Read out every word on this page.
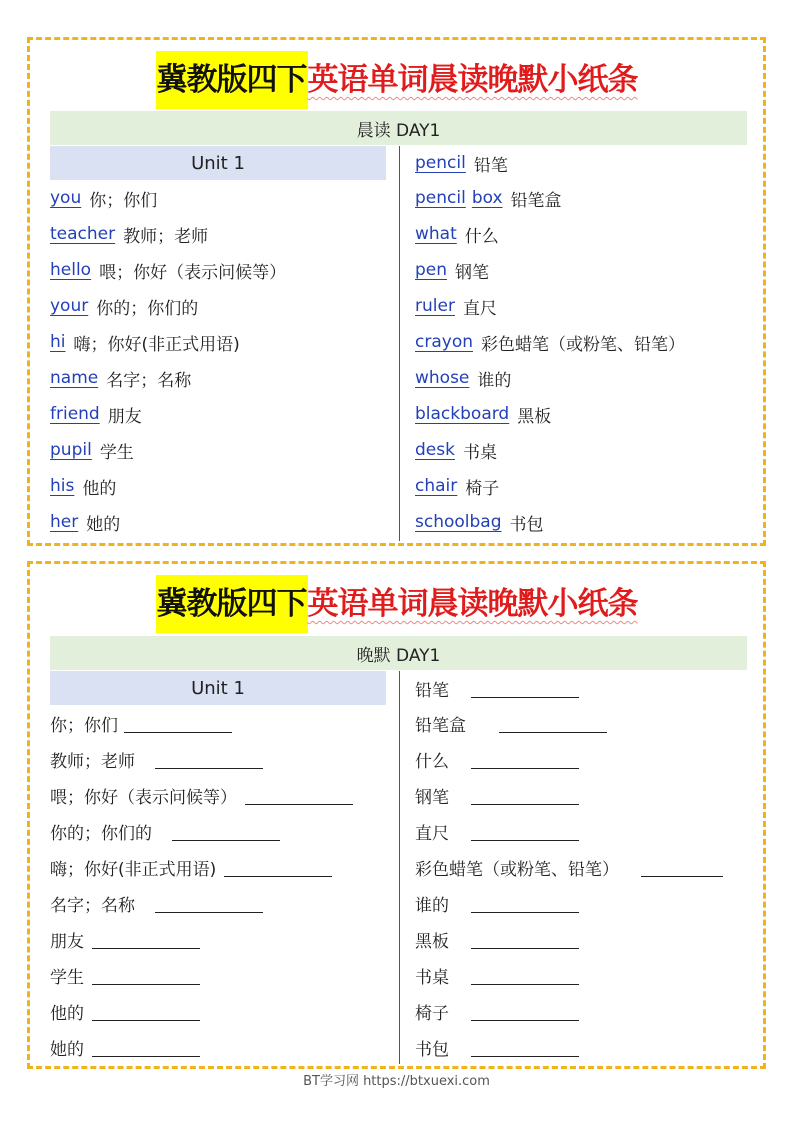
冀教版四下 英语单词晨读晚默小纸条
晨读 DAY1
Unit 1
you 你；你们
teacher 教师；老师
hello 喂；你好（表示问候等）
your 你的；你们的
hi 嗨；你好(非正式用语)
name 名字；名称
friend 朋友
pupil 学生
his 他的
her 她的
pencil 铅笔
pencil box 铅笔盒
what 什么
pen 钢笔
ruler 直尺
crayon 彩色蜡笔（或粉笔、铅笔）
whose 谁的
blackboard 黑板
desk 书桌
chair 椅子
schoolbag 书包
冀教版四下 英语单词晨读晚默小纸条
晚默 DAY1
Unit 1
你；你们
教师；老师
喂；你好（表示问候等）
你的；你们的
嗨；你好(非正式用语)
名字；名称
朋友
学生
他的
她的
铅笔
铅笔盒
什么
钢笔
直尺
彩色蜡笔（或粉笔、铅笔）
谁的
黑板
书桌
椅子
书包
BT学习网 https://btxuexi.com
